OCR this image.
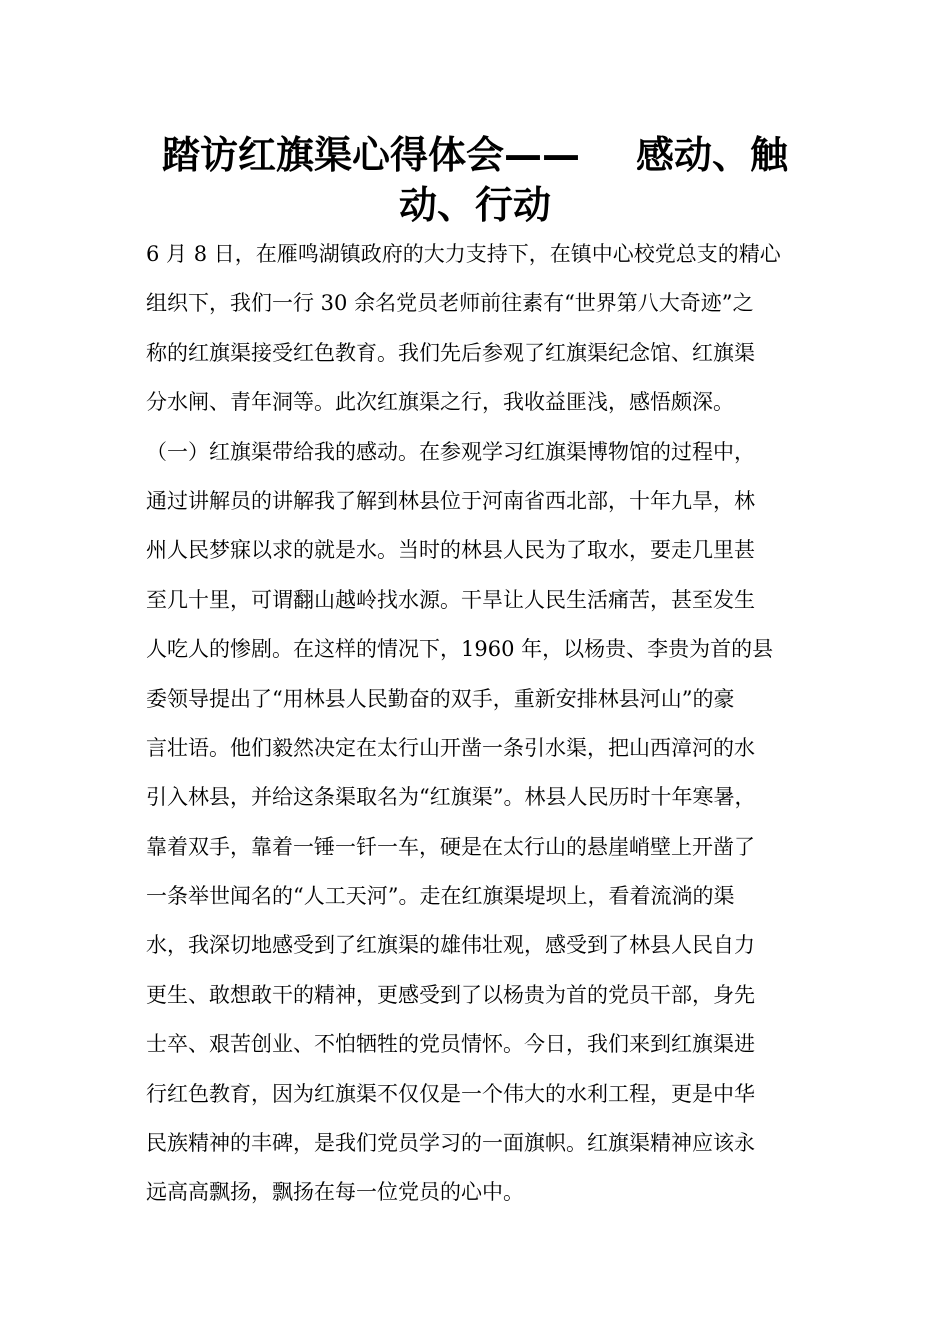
踏访红旗渠心得体会—— 感动、触
动、行动
6 月 8 日，在雁鸣湖镇政府的大力支持下，在镇中心校党总支的精心
组织下，我们一行 30 余名党员老师前往素有“世界第八大奇迹”之
称的红旗渠接受红色教育。我们先后参观了红旗渠纪念馆、红旗渠
分水闸、青年洞等。此次红旗渠之行，我收益匪浅，感悟颇深。
（一）红旗渠带给我的感动。在参观学习红旗渠博物馆的过程中，
通过讲解员的讲解我了解到林县位于河南省西北部，十年九旱，林
州人民梦寐以求的就是水。当时的林县人民为了取水，要走几里甚
至几十里，可谓翻山越岭找水源。干旱让人民生活痛苦，甚至发生
人吃人的惨剧。在这样的情况下，1960 年，以杨贵、李贵为首的县
委领导提出了“用林县人民勤奋的双手，重新安排林县河山”的豪
言壮语。他们毅然决定在太行山开凿一条引水渠，把山西漳河的水
引入林县，并给这条渠取名为“红旗渠”。林县人民历时十年寒暑，
靠着双手，靠着一锤一钎一车，硬是在太行山的悬崖峭壁上开凿了
一条举世闻名的“人工天河”。走在红旗渠堤坝上，看着流淌的渠
水，我深切地感受到了红旗渠的雄伟壮观，感受到了林县人民自力
更生、敢想敢干的精神，更感受到了以杨贵为首的党员干部，身先
士卒、艰苦创业、不怕牺牲的党员情怀。今日，我们来到红旗渠进
行红色教育，因为红旗渠不仅仅是一个伟大的水利工程，更是中华
民族精神的丰碑，是我们党员学习的一面旗帜。红旗渠精神应该永
远高高飘扬，飘扬在每一位党员的心中。
